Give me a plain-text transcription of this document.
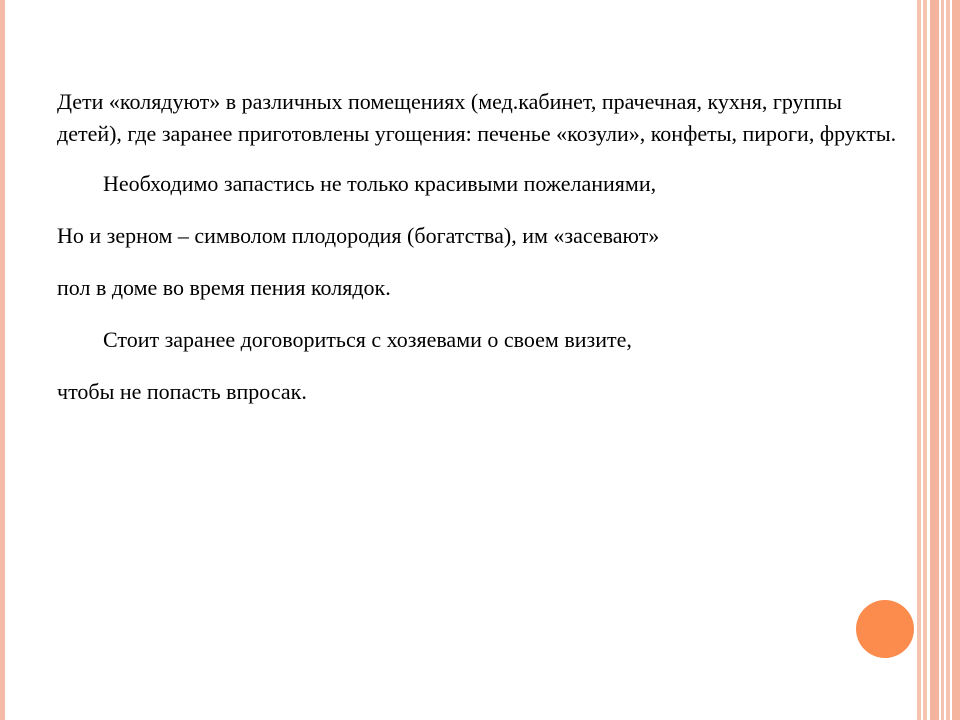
Дети «колядуют» в различных помещениях (мед.кабинет, прачечная, кухня, группы детей), где заранее приготовлены угощения: печенье «козули», конфеты, пироги, фрукты.

Необходимо запастись не только красивыми пожеланиями,

Но и зерном – символом плодородия (богатства), им «засевают»

пол в доме во время пения колядок.

Стоит заранее договориться с хозяевами о своем визите,

чтобы не попасть впросак.
